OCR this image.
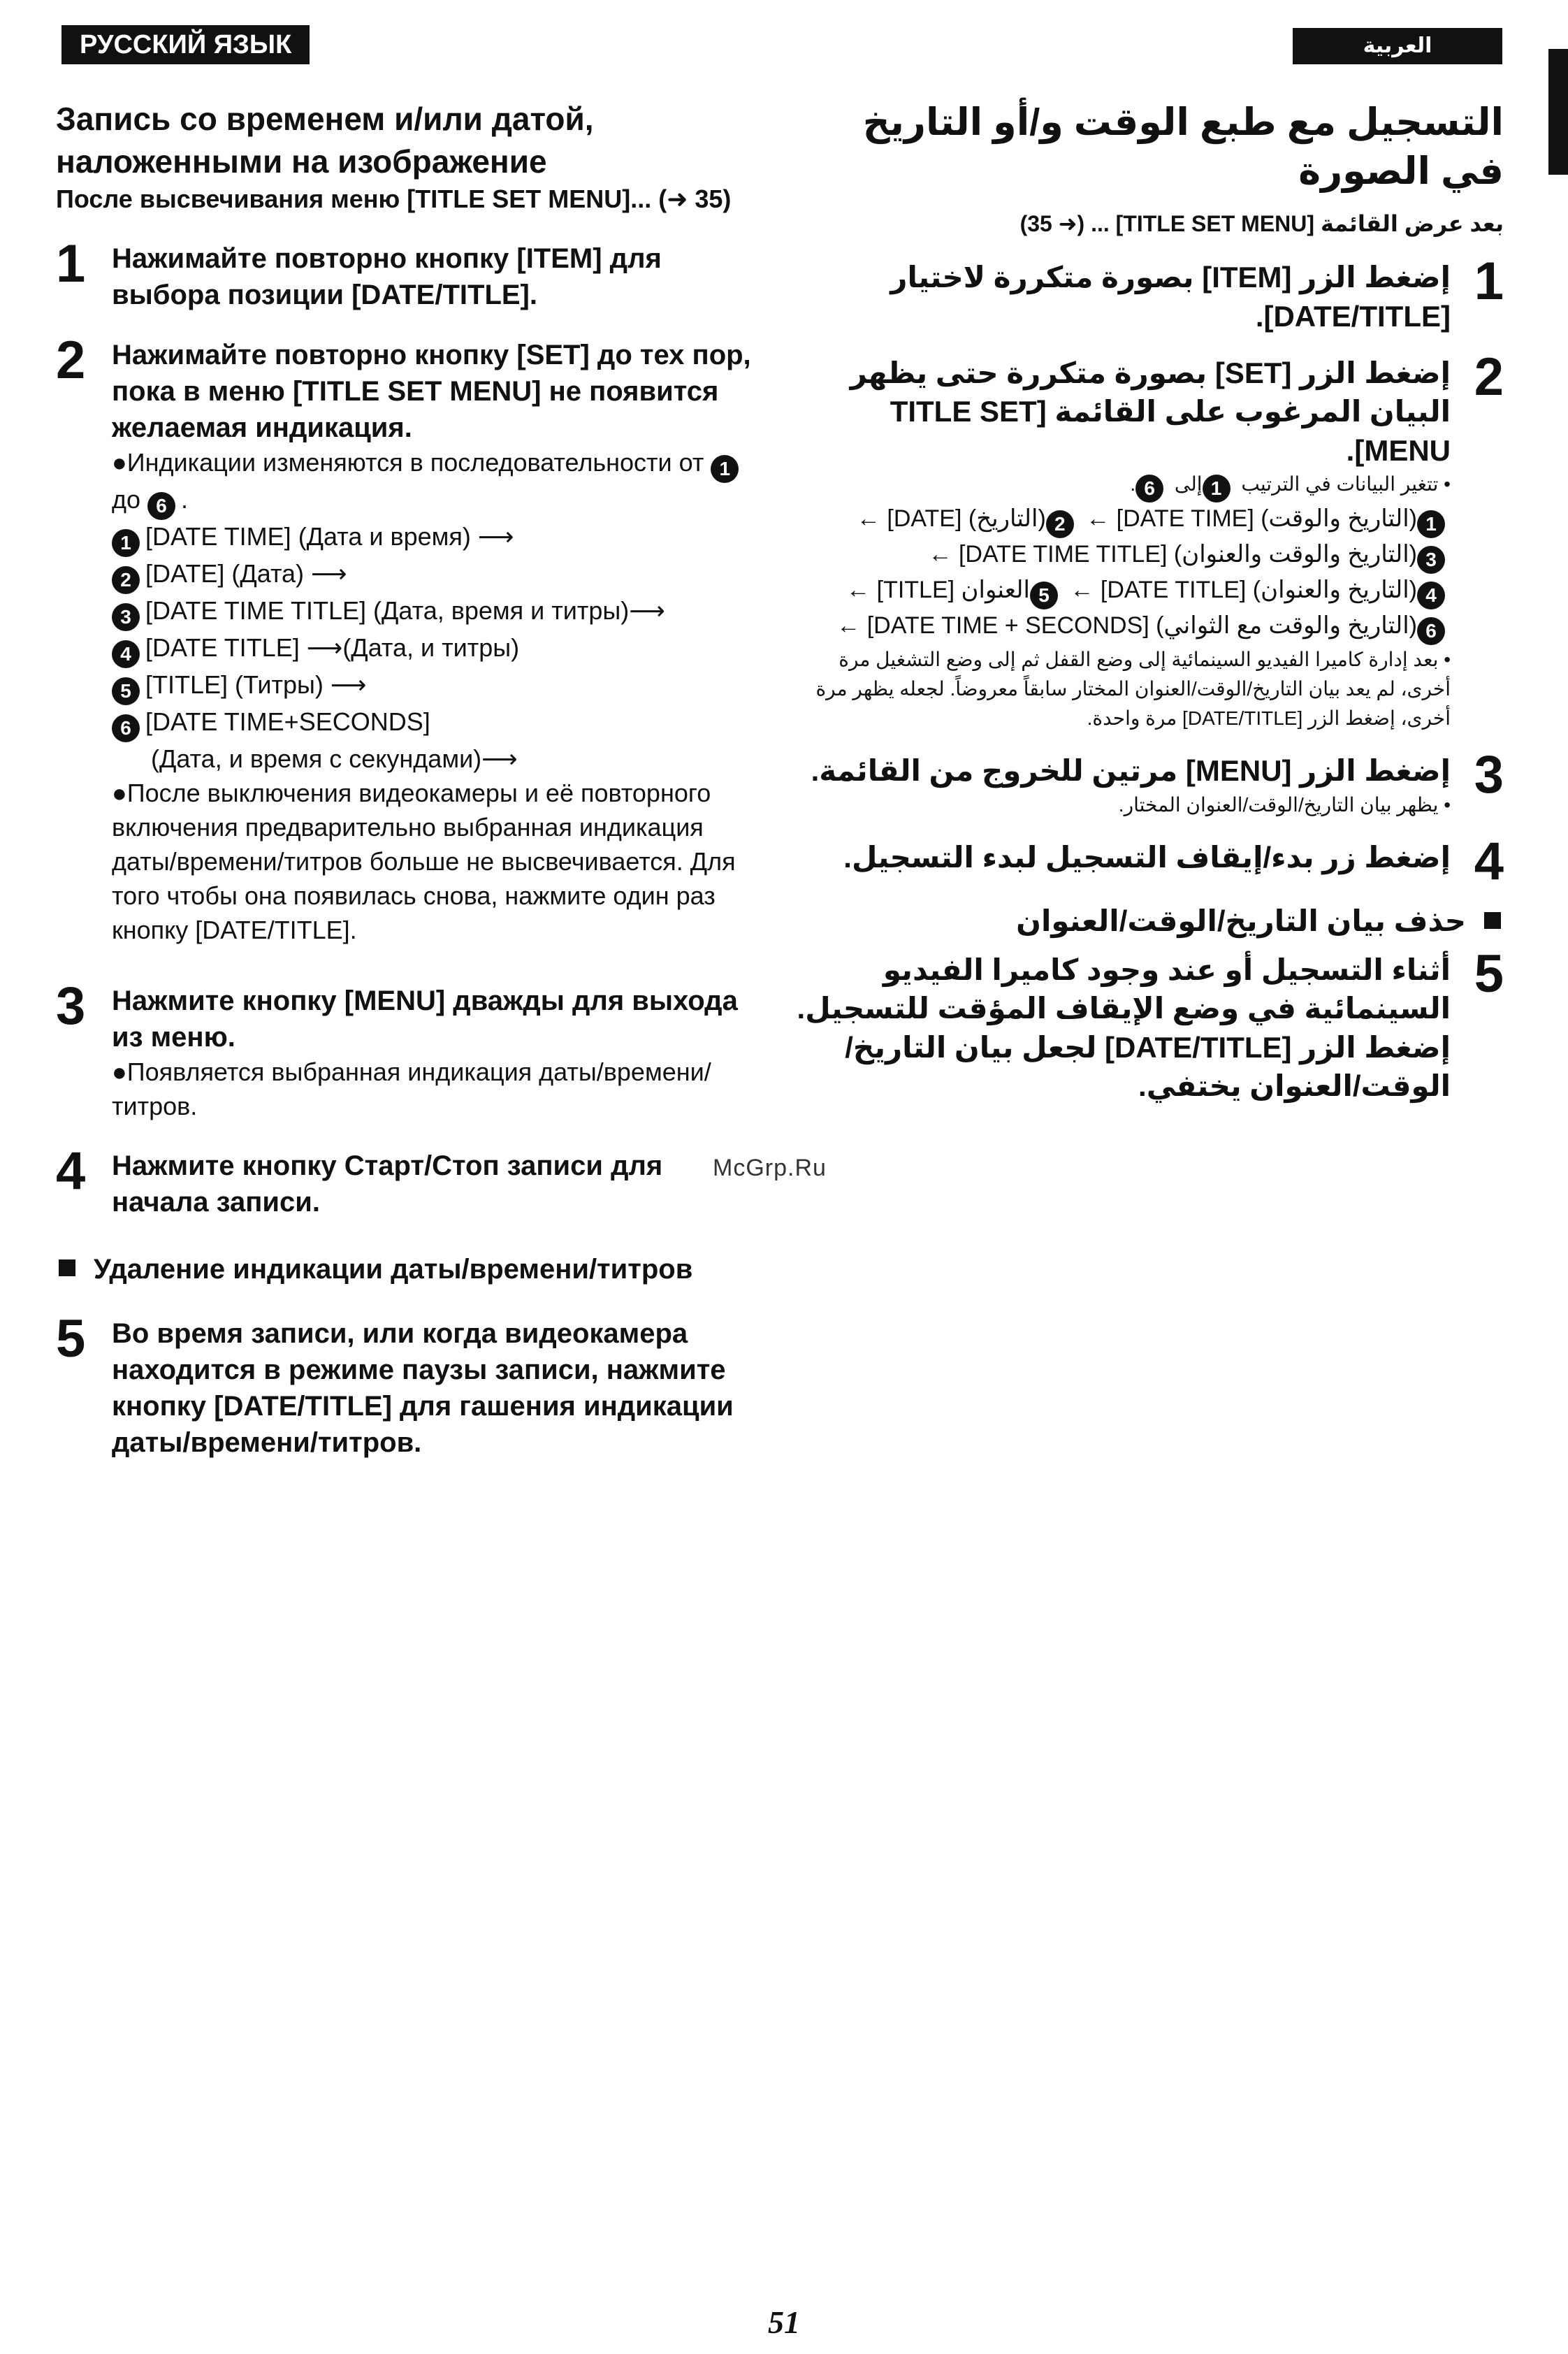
РУССКИЙ ЯЗЫК	العربية
Запись со временем и/или датой, наложенными на изображение
После высвечивания меню [TITLE SET MENU]... (➜ 35)
1 Нажимайте повторно кнопку [ITEM] для выбора позиции [DATE/TITLE].
2 Нажимайте повторно кнопку [SET] до тех пор, пока в меню [TITLE SET MENU] не появится желаемая индикация.
●Индикации изменяются в последовательности от 1до 6 .
1 [DATE TIME] (Дата и время) ⟶
2 [DATE] (Дата) ⟶
3 [DATE TIME TITLE] (Дата, время и титры)⟶
4 [DATE TITLE] ⟶(Дата, и титры)
5 [TITLE] (Титры) ⟶
6 [DATE TIME+SECONDS]
(Дата, и время с секундами)⟶
●После выключения видеокамеры и её повторного включения предварительно выбранная индикация даты/времени/титров больше не высвечивается. Для того чтобы она появилась снова, нажмите один раз кнопку [DATE/TITLE].
3 Нажмите кнопку [MENU] дважды для выхода из меню.
●Появляется выбранная индикация даты/времени/титров.
4 Нажмите кнопку Старт/Стоп записи для начала записи.
Удаление индикации даты/времени/титров
5 Во время записи, или когда видеокамера находится в режиме паузы записи, нажмите кнопку [DATE/TITLE] для гашения индикации даты/времени/титров.
التسجيل مع طبع الوقت و/أو التاريخ في الصورة
بعد عرض القائمة [TITLE SET MENU] ... (➜ 35)
1
إضغط الزر [ITEM] بصورة متكررة لاختيار [DATE/TITLE].
2
إضغط الزر [SET] بصورة متكررة حتى يظهر البيان المرغوب على القائمة [TITLE SET MENU].
• تتغير البيانات في الترتيب 1إلى 6.
1(التاريخ والوقت) [DATE TIME] ← 2(التاريخ) [DATE] ←
3(التاريخ والوقت والعنوان) [DATE TIME TITLE] ←
4(التاريخ والعنوان) [DATE TITLE] ← 5العنوان [TITLE] ←
6(التاريخ والوقت مع الثواني) [DATE TIME + SECONDS] ←
• بعد إدارة كاميرا الفيديو السينمائية إلى وضع القفل ثم إلى وضع التشغيل مرة أخرى، لم يعد بيان التاريخ/الوقت/العنوان المختار سابقاً معروضاً. لجعله يظهر مرة أخرى، إضغط الزر [DATE/TITLE] مرة واحدة.
3
إضغط الزر [MENU] مرتين للخروج من القائمة.
• يظهر بيان التاريخ/الوقت/العنوان المختار.
4
إضغط زر بدء/إيقاف التسجيل لبدء التسجيل.
حذف بيان التاريخ/الوقت/العنوان
5
أثناء التسجيل أو عند وجود كاميرا الفيديو السينمائية في وضع الإيقاف المؤقت للتسجيل. إضغط الزر [DATE/TITLE] لجعل بيان التاريخ/الوقت/العنوان يختفي.
McGrp.Ru
51
